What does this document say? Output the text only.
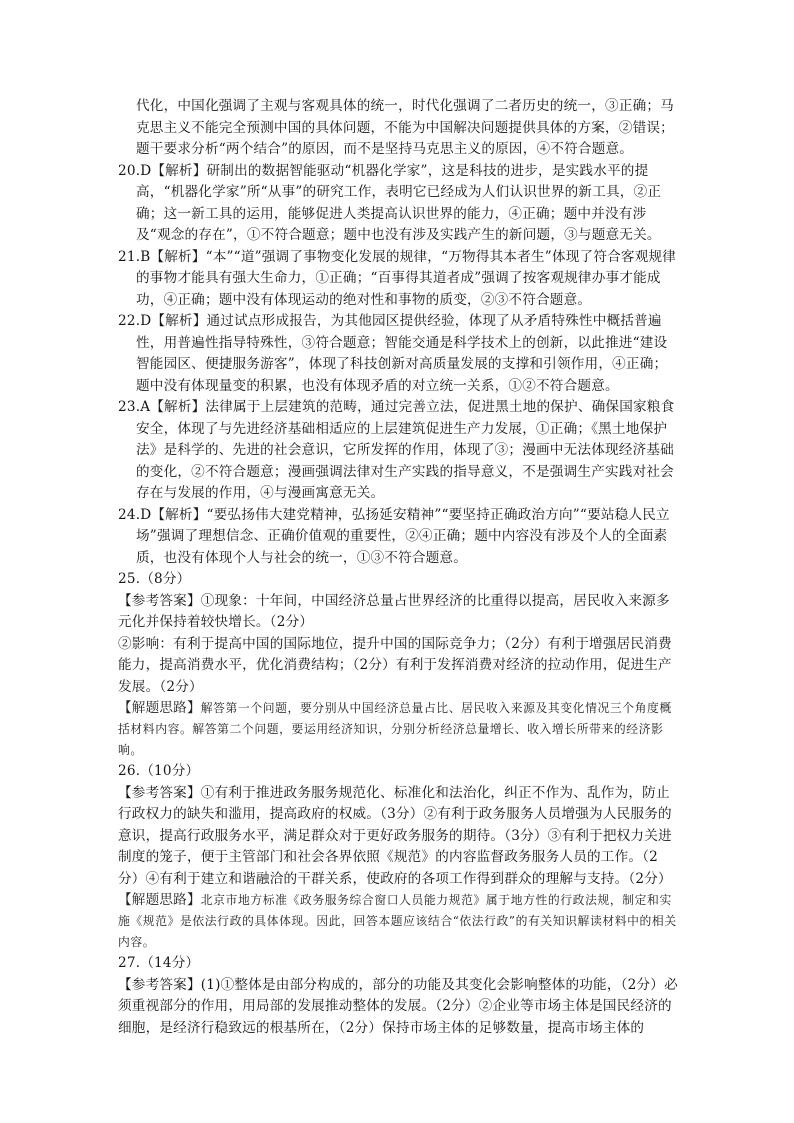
代化，中国化强调了主观与客观具体的统一，时代化强调了二者历史的统一，③正确；马克思主义不能完全预测中国的具体问题，不能为中国解决问题提供具体的方案，②错误；题干要求分析“两个结合”的原因，而不是坚持马克思主义的原因，④不符合题意。

20.D【解析】研制出的数据智能驱动“机器化学家”，这是科技的进步，是实践水平的提高，“机器化学家”所“从事”的研究工作，表明它已经成为人们认识世界的新工具，②正确；这一新工具的运用，能够促进人类提高认识世界的能力，④正确；题中并没有涉及“观念的存在”，①不符合题意；题中也没有涉及实践产生的新问题，③与题意无关。

21.B【解析】“本”“道”强调了事物变化发展的规律，“万物得其本者生”体现了符合客观规律的事物才能具有强大生命力，①正确；“百事得其道者成”强调了按客观规律办事才能成功，④正确；题中没有体现运动的绝对性和事物的质变，②③不符合题意。

22.D【解析】通过试点形成报告，为其他园区提供经验，体现了从矛盾特殊性中概括普遍性，用普遍性指导特殊性，③符合题意；智能交通是科学技术上的创新，以此推进“建设智能园区、便捷服务游客”，体现了科技创新对高质量发展的支撑和引领作用，④正确；题中没有体现量变的积累，也没有体现矛盾的对立统一关系，①②不符合题意。

23.A【解析】法律属于上层建筑的范畴，通过完善立法，促进黑土地的保护、确保国家粮食安全，体现了与先进经济基础相适应的上层建筑促进生产力发展，①正确；《黑土地保护法》是科学的、先进的社会意识，它所发挥的作用，体现了③；漫画中无法体现经济基础的变化，②不符合题意；漫画强调法律对生产实践的指导意义，不是强调生产实践对社会存在与发展的作用，④与漫画寓意无关。

24.D【解析】“要弘扬伟大建党精神，弘扬延安精神”“要坚持正确政治方向”“要站稳人民立场”强调了理想信念、正确价值观的重要性，②④正确；题中内容没有涉及个人的全面素质，也没有体现个人与社会的统一，①③不符合题意。

25.（8分）

【参考答案】①现象：十年间，中国经济总量占世界经济的比重得以提高，居民收入来源多元化并保持着较快增长。（2分）

②影响：有利于提高中国的国际地位，提升中国的国际竞争力；（2分）有利于增强居民消费能力，提高消费水平，优化消费结构；（2分）有利于发挥消费对经济的拉动作用，促进生产发展。（2分）

【解题思路】解答第一个问题，要分别从中国经济总量占比、居民收入来源及其变化情况三个角度概括材料内容。解答第二个问题，要运用经济知识，分别分析经济总量增长、收入增长所带来的经济影响。

26.（10分）

【参考答案】①有利于推进政务服务规范化、标准化和法治化，纠正不作为、乱作为，防止行政权力的缺失和滥用，提高政府的权威。（3分）②有利于政务服务人员增强为人民服务的意识，提高行政服务水平，满足群众对于更好政务服务的期待。（3分）③有利于把权力关进制度的笼子，便于主管部门和社会各界依照《规范》的内容监督政务服务人员的工作。（2分）④有利于建立和谐融洽的干群关系，使政府的各项工作得到群众的理解与支持。（2分）

【解题思路】北京市地方标准《政务服务综合窗口人员能力规范》属于地方性的行政法规，制定和实施《规范》是依法行政的具体体现。因此，回答本题应该结合“依法行政”的有关知识解读材料中的相关内容。

27.（14分）

【参考答案】(1)①整体是由部分构成的，部分的功能及其变化会影响整体的功能，（2分）必须重视部分的作用，用局部的发展推动整体的发展。（2分）②企业等市场主体是国民经济的细胞，是经济行稳致远的根基所在，（2分）保持市场主体的足够数量，提高市场主体的
